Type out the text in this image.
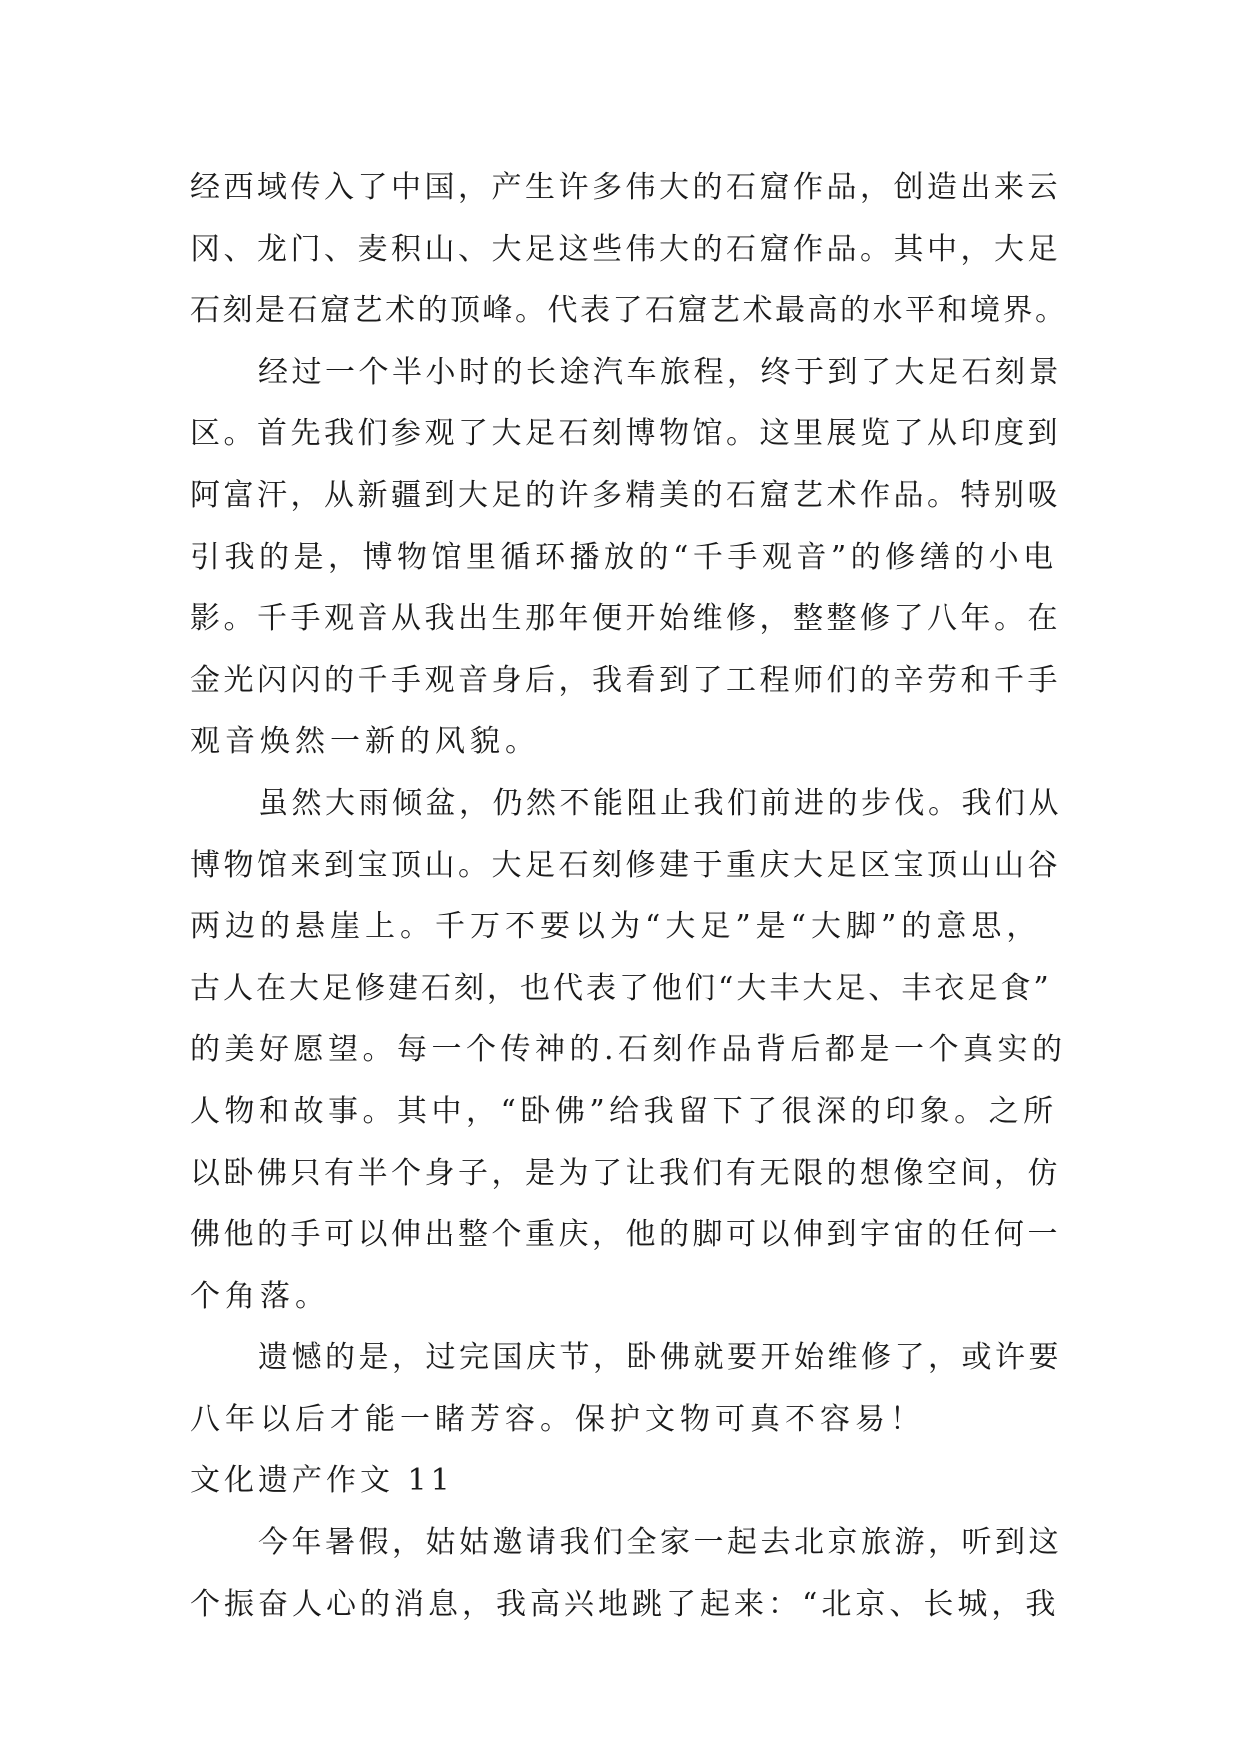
经西域传入了中国，产生许多伟大的石窟作品，创造出来云
冈、龙门、麦积山、大足这些伟大的石窟作品。其中，大足
石刻是石窟艺术的顶峰。代表了石窟艺术最高的水平和境界。

经过一个半小时的长途汽车旅程，终于到了大足石刻景
区。首先我们参观了大足石刻博物馆。这里展览了从印度到
阿富汗，从新疆到大足的许多精美的石窟艺术作品。特别吸
引我的是，博物馆里循环播放的“千手观音”的修缮的小电
影。千手观音从我出生那年便开始维修，整整修了八年。在
金光闪闪的千手观音身后，我看到了工程师们的辛劳和千手
观音焕然一新的风貌。

虽然大雨倾盆，仍然不能阻止我们前进的步伐。我们从
博物馆来到宝顶山。大足石刻修建于重庆大足区宝顶山山谷
两边的悬崖上。千万不要以为“大足”是“大脚”的意思，
古人在大足修建石刻，也代表了他们“大丰大足、丰衣足食”
的美好愿望。每一个传神的.石刻作品背后都是一个真实的
人物和故事。其中，“卧佛”给我留下了很深的印象。之所
以卧佛只有半个身子，是为了让我们有无限的想像空间，仿
佛他的手可以伸出整个重庆，他的脚可以伸到宇宙的任何一
个角落。

遗憾的是，过完国庆节，卧佛就要开始维修了，或许要
八年以后才能一睹芳容。保护文物可真不容易！

文化遗产作文 11

今年暑假，姑姑邀请我们全家一起去北京旅游，听到这
个振奋人心的消息，我高兴地跳了起来：“北京、长城，我
